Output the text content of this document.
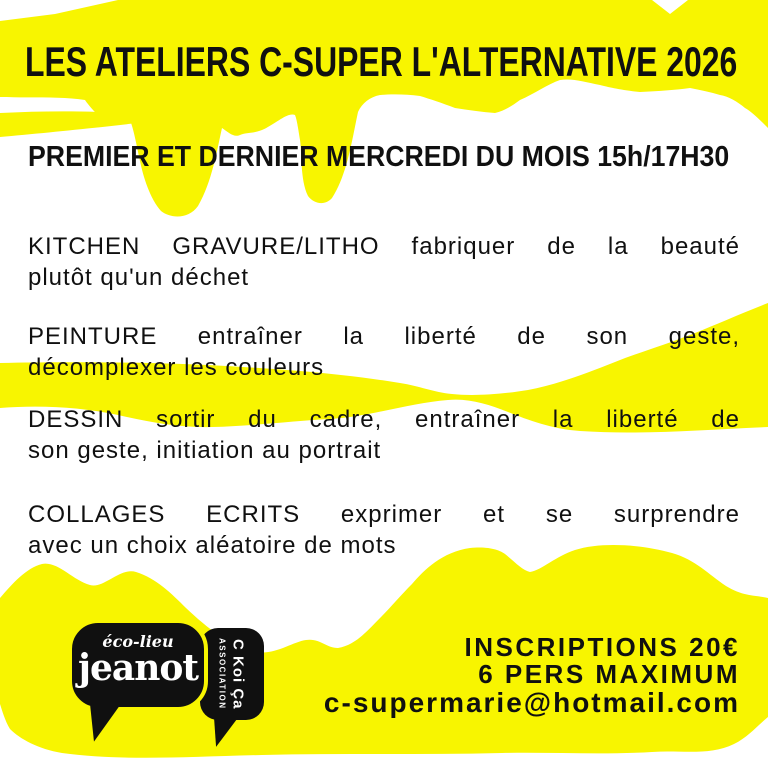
LES ATELIERS C-SUPER L'ALTERNATIVE 2026
PREMIER ET DERNIER MERCREDI DU MOIS 15h/17H30

KITCHEN GRAVURE/LITHO fabriquer de la beauté
plutôt qu'un déchet

PEINTURE entraîner la liberté de son geste,
décomplexer les couleurs

DESSIN sortir du cadre, entraîner la liberté de
son geste, initiation au portrait

COLLAGES ECRITS exprimer et se surprendre
avec un choix aléatoire de mots

ASSOCIATION C Koi Ça
éco-lieu
jeanot	INSCRIPTIONS 20€
6 PERS MAXIMUM
c-supermarie@hotmail.com
